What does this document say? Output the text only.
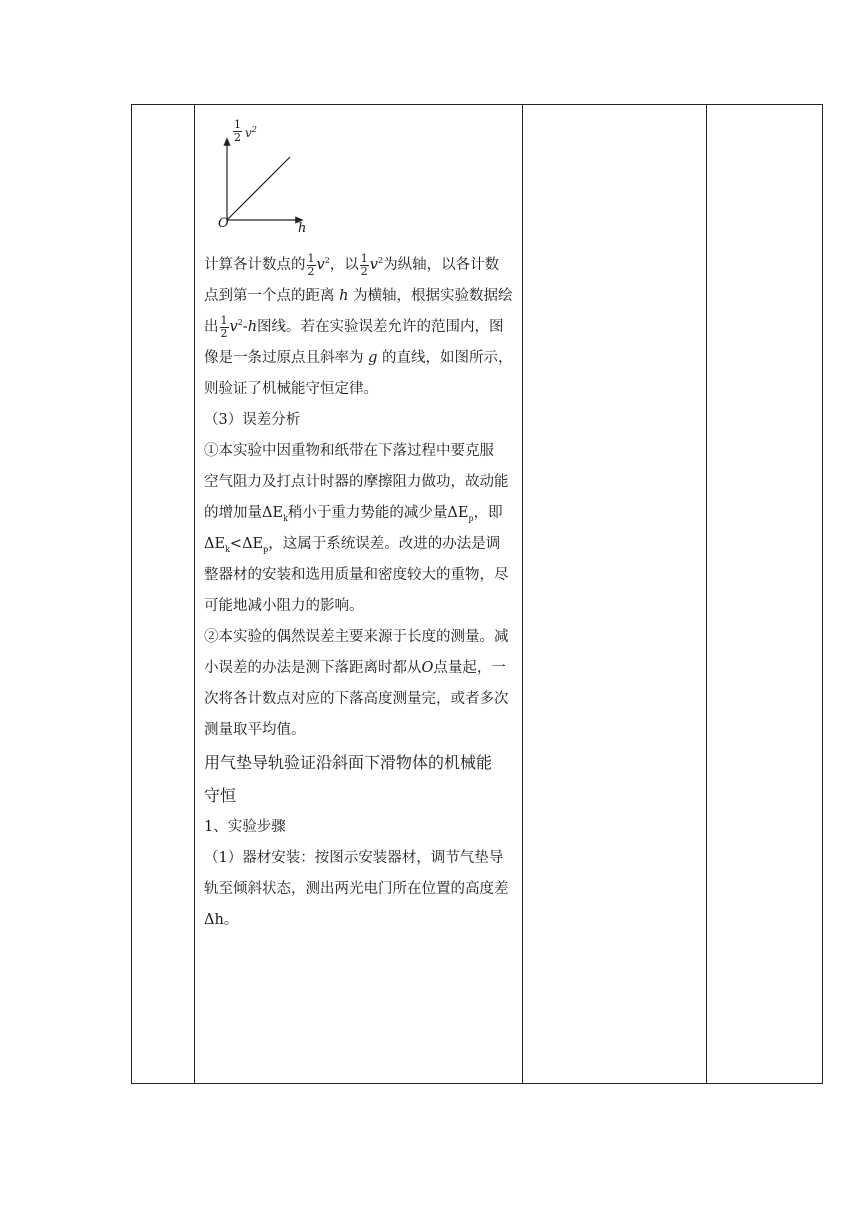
$\frac{1}{2} v^2$
O	h

计算各计数点的 $\frac{1}{2} v^2$，以 $\frac{1}{2} v^2$为纵轴，以各计数
点到第一个点的距离 h 为横轴，根据实验数据绘
出 $\frac{1}{2} v^2-h$图线。若在实验误差允许的范围内，图
像是一条过原点且斜率为 g 的直线，如图所示，
则验证了机械能守恒定律。

（3）误差分析

①本实验中因重物和纸带在下落过程中要克服
空气阻力及打点计时器的摩擦阻力做功，故动能
的增加量$\Delta E_k$稍小于重力势能的减少量$\Delta E_p$，即
$\Delta E_k<\Delta E_p$，这属于系统误差。改进的办法是调
整器材的安装和选用质量和密度较大的重物，尽
可能地减小阻力的影响。

②本实验的偶然误差主要来源于长度的测量。减
小误差的办法是测下落距离时都从O点量起，一
次将各计数点对应的下落高度测量完，或者多次
测量取平均值。

用气垫导轨验证沿斜面下滑物体的机械能
守恒

1、实验步骤

（1）器材安装：按图示安装器材，调节气垫导
轨至倾斜状态，测出两光电门所在位置的高度差
Δh。
